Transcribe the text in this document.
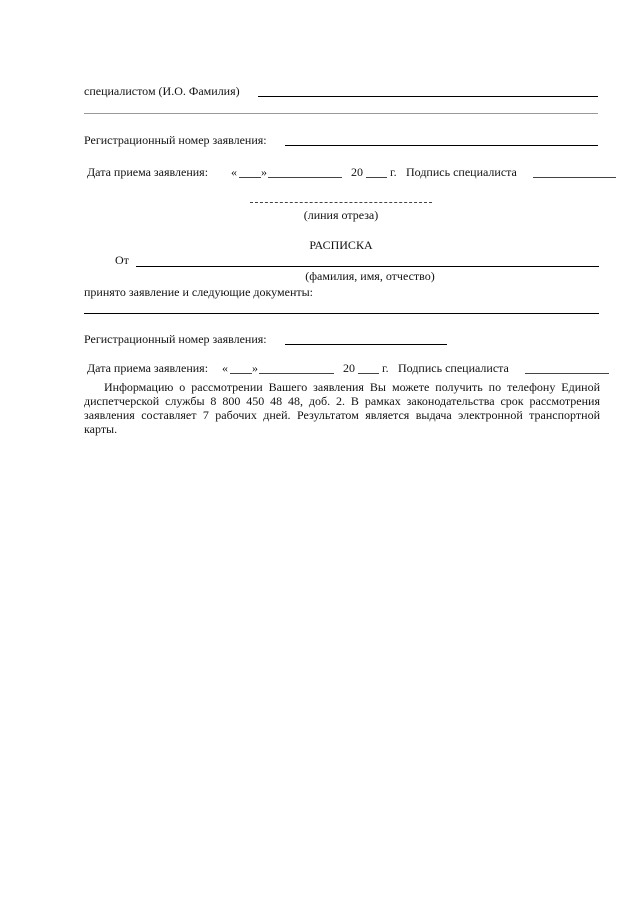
специалистом (И.О. Фамилия)
Регистрационный номер заявления:
Дата приема заявления: « »	20 г. Подпись специалиста
(линия отреза)
РАСПИСКА
От
(фамилия, имя, отчество)
принято заявление и следующие документы:
Регистрационный номер заявления:
Дата приема заявления: « »	20 г. Подпись специалиста
Информацию о рассмотрении Вашего заявления Вы можете получить по телефону Единой диспетчерской службы 8 800 450 48 48, доб. 2. В рамках законодательства срок рассмотрения заявления составляет 7 рабочих дней. Результатом является выдача электронной транспортной карты.
